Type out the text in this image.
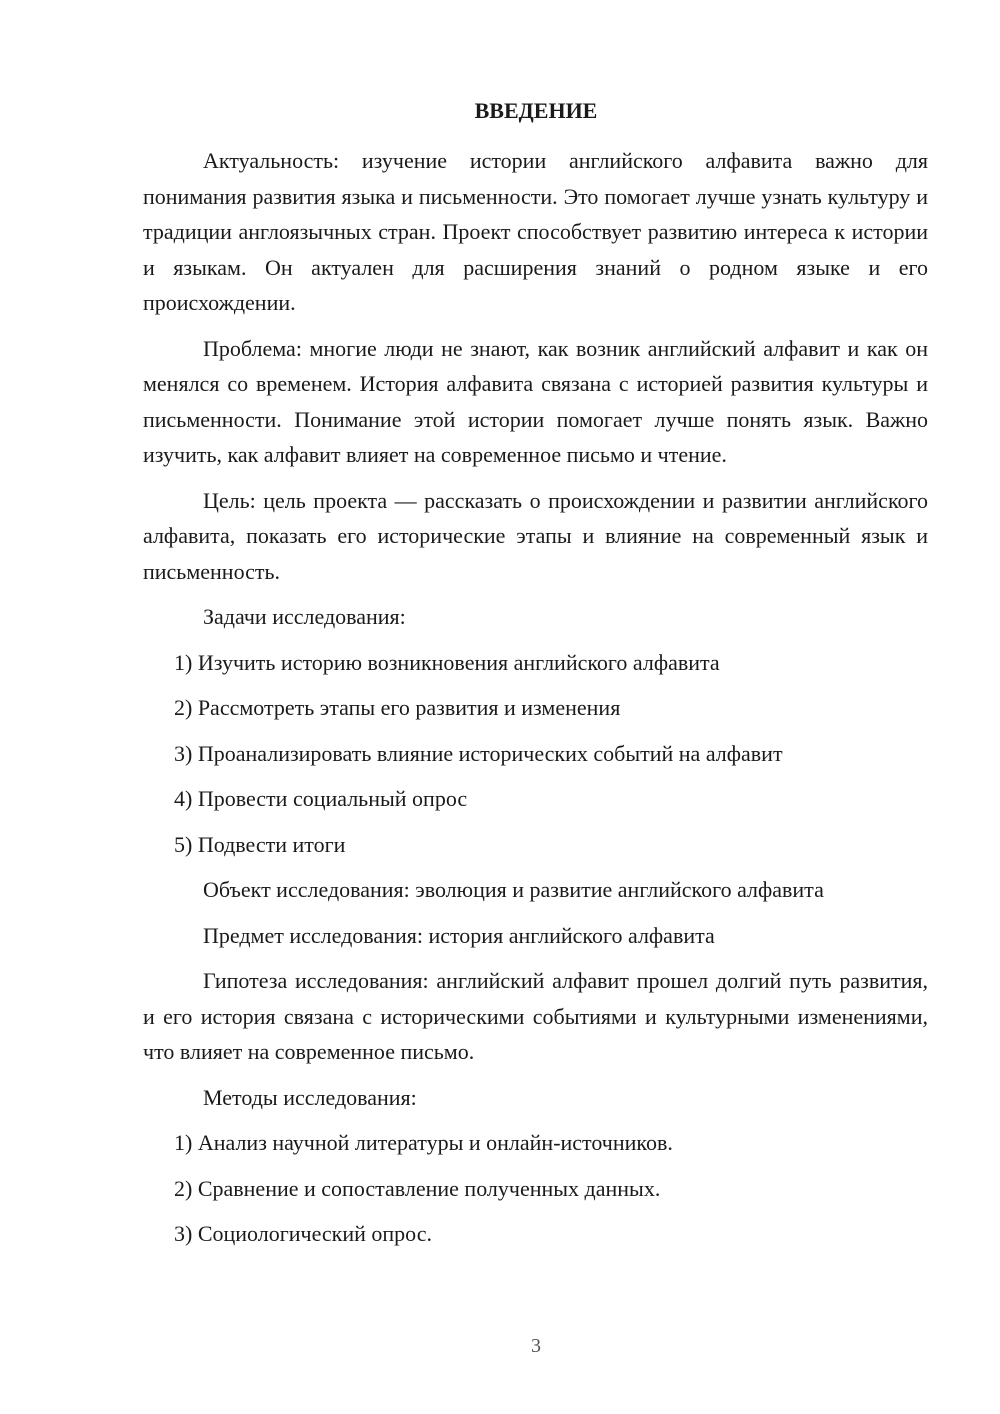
ВВЕДЕНИЕ

Актуальность: изучение истории английского алфавита важно для понимания развития языка и письменности. Это помогает лучше узнать культуру и традиции англоязычных стран. Проект способствует развитию интереса к истории и языкам. Он актуален для расширения знаний о родном языке и его происхождении.

Проблема: многие люди не знают, как возник английский алфавит и как он менялся со временем. История алфавита связана с историей развития культуры и письменности. Понимание этой истории помогает лучше понять язык. Важно изучить, как алфавит влияет на современное письмо и чтение.

Цель: цель проекта — рассказать о происхождении и развитии английского алфавита, показать его исторические этапы и влияние на современный язык и письменность.

Задачи исследования:

1) Изучить историю возникновения английского алфавита

2) Рассмотреть этапы его развития и изменения

3) Проанализировать влияние исторических событий на алфавит

4) Провести социальный опрос

5) Подвести итоги

Объект исследования: эволюция и развитие английского алфавита

Предмет исследования: история английского алфавита

Гипотеза исследования: английский алфавит прошел долгий путь развития, и его история связана с историческими событиями и культурными изменениями, что влияет на современное письмо.

Методы исследования:

1) Анализ научной литературы и онлайн-источников.

2) Сравнение и сопоставление полученных данных.

3) Социологический опрос.

3
